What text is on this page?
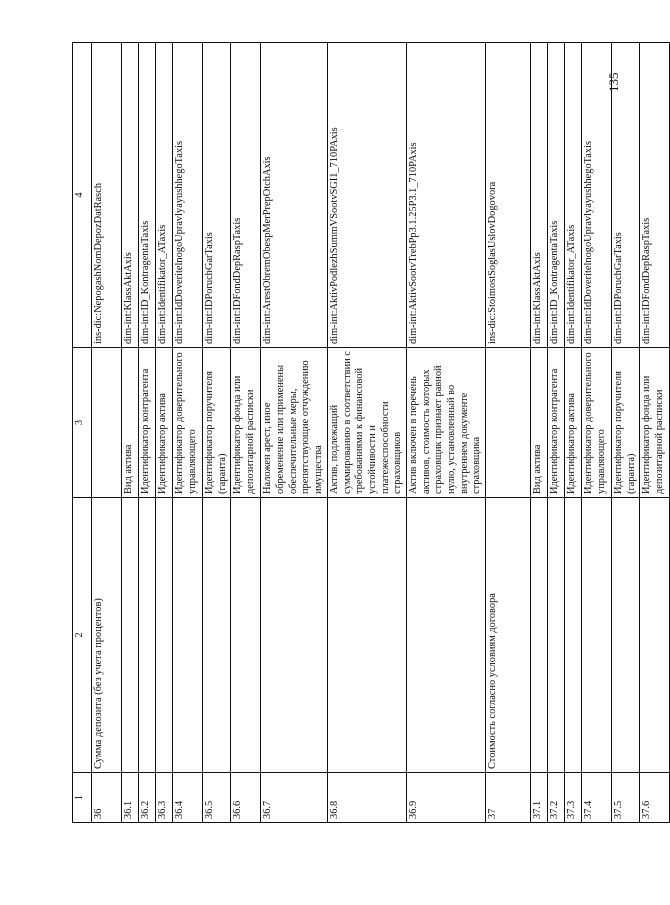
135
1	2	3	4
36	Сумма депозита (без учета процентов)		ins-dic:NepogashNomDepozDatRasch
36.1		Вид актива	dim-int:KlassAktAxis
36.2		Идентификатор контрагента	dim-int:ID_KontragentaTaxis
36.3		Идентификатор актива	dim-int:Identifikator_ATaxis
36.4		Идентификатор доверительного управляющего	dim-int:IdDoveritelnogoUpravlyayushhegoTaxis
36.5		Идентификатор поручителя (гаранта)	dim-int:IDPoruchGarTaxis
36.6		Идентификатор фонда или депозитарной расписки	dim-int:IDFondDepRaspTaxis
36.7		Наложен арест, иное обременение или применены обеспечительные меры, препятствующие отчуждению имущества	dim-int:ArestObremObespMerPrepOtchAxis
36.8		Актив, подлежащий суммированию в соответствии с требованиями к финансовой устойчивости и платежеспособности страховщиков	dim-int:AktivPodlezhSummVSootvSGI1_710PAxis
36.9		Актив включен в перечень активов, стоимость которых страховщик признает равной нулю, установленный во внутреннем документе страховщика	dim-int:AktivSootvTrebPp3.1.25P3.1_710PAxis
37	Стоимость согласно условиям договора		ins-dic:StoimostSoglasUslovDogovora
37.1		Вид актива	dim-int:KlassAktAxis
37.2		Идентификатор контрагента	dim-int:ID_KontragentaTaxis
37.3		Идентификатор актива	dim-int:Identifikator_ATaxis
37.4		Идентификатор доверительного управляющего	dim-int:IdDoveritelnogoUpravlyayushhegoTaxis
37.5		Идентификатор поручителя (гаранта)	dim-int:IDPoruchGarTaxis
37.6		Идентификатор фонда или депозитарной расписки	dim-int:IDFondDepRaspTaxis
